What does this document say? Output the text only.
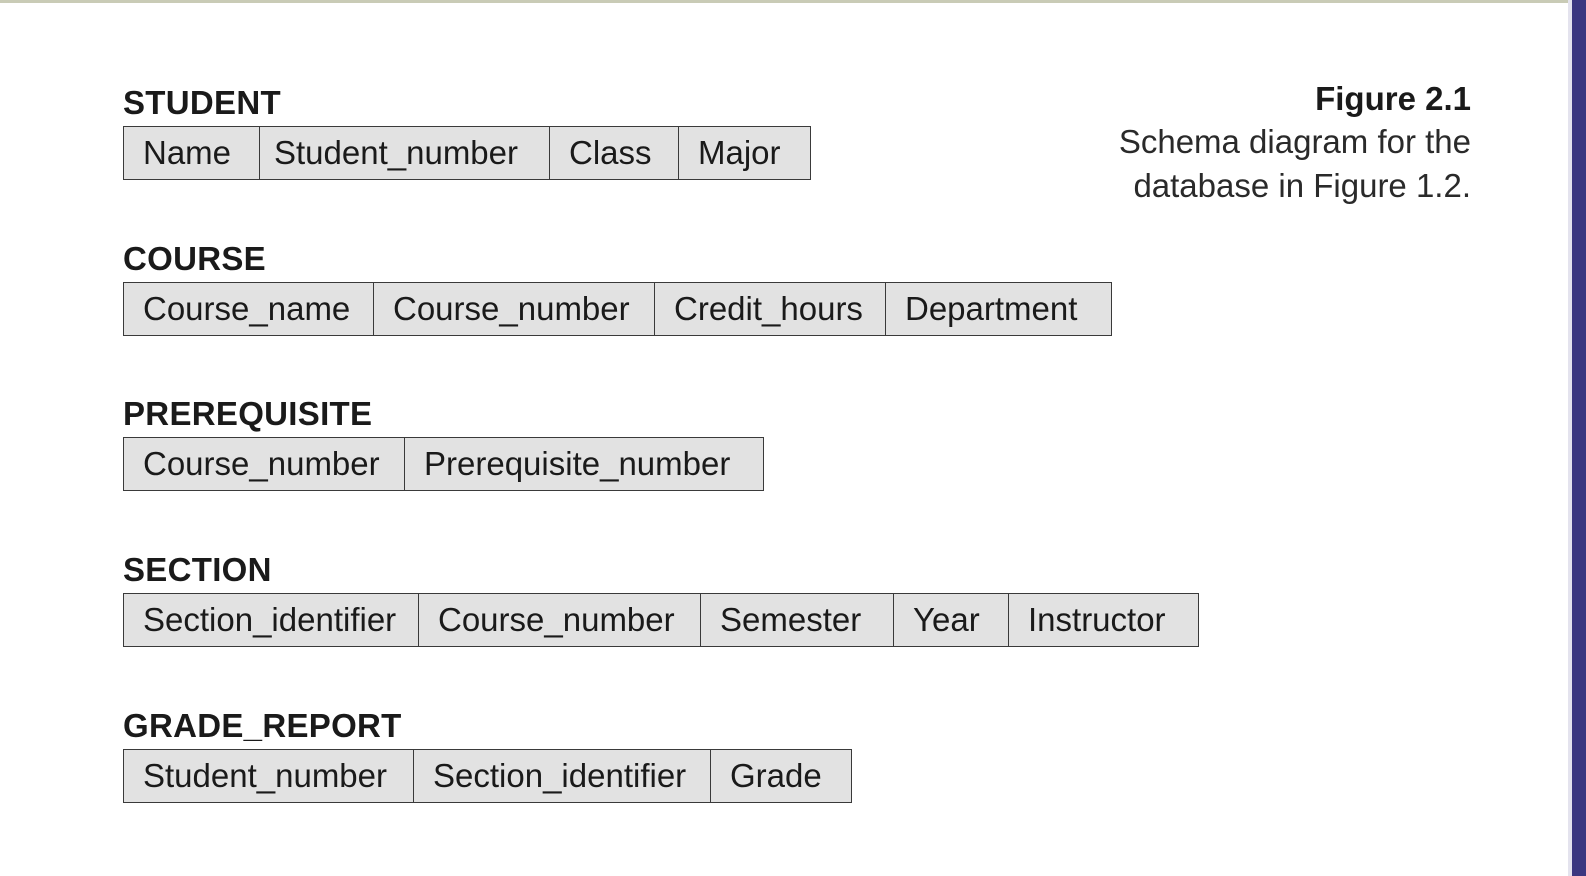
Figure 2.1
Schema diagram for the database in Figure 1.2.
STUDENT
Name	Student_number	Class	Major
COURSE
Course_name	Course_number	Credit_hours	Department
PREREQUISITE
Course_number	Prerequisite_number
SECTION
Section_identifier	Course_number	Semester	Year	Instructor
GRADE_REPORT
Student_number	Section_identifier	Grade
